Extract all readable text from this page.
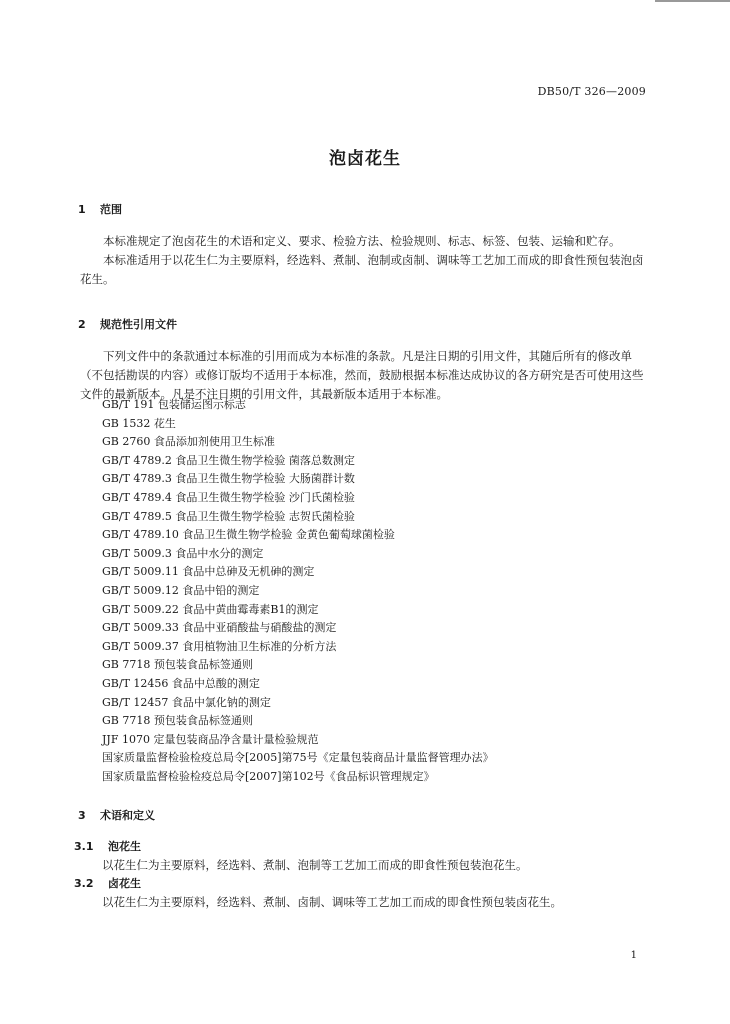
DB50/T 326—2009
泡卤花生
1 范围

本标准规定了泡卤花生的术语和定义、要求、检验方法、检验规则、标志、标签、包装、运输和贮存。

本标准适用于以花生仁为主要原料，经选料、煮制、泡制或卤制、调味等工艺加工而成的即食性预包装泡卤花生。

2 规范性引用文件

下列文件中的条款通过本标准的引用而成为本标准的条款。凡是注日期的引用文件，其随后所有的修改单（不包括勘误的内容）或修订版均不适用于本标准，然而，鼓励根据本标准达成协议的各方研究是否可使用这些文件的最新版本。凡是不注日期的引用文件，其最新版本适用于本标准。

GB/T 191 包装储运图示标志
GB 1532 花生
GB 2760 食品添加剂使用卫生标准
GB/T 4789.2 食品卫生微生物学检验 菌落总数测定
GB/T 4789.3 食品卫生微生物学检验 大肠菌群计数
GB/T 4789.4 食品卫生微生物学检验 沙门氏菌检验
GB/T 4789.5 食品卫生微生物学检验 志贺氏菌检验
GB/T 4789.10 食品卫生微生物学检验 金黄色葡萄球菌检验
GB/T 5009.3 食品中水分的测定
GB/T 5009.11 食品中总砷及无机砷的测定
GB/T 5009.12 食品中铅的测定
GB/T 5009.22 食品中黄曲霉毒素B1的测定
GB/T 5009.33 食品中亚硝酸盐与硝酸盐的测定
GB/T 5009.37 食用植物油卫生标准的分析方法
GB 7718 预包装食品标签通则
GB/T 12456 食品中总酸的测定
GB/T 12457 食品中氯化钠的测定
GB 7718 预包装食品标签通则
JJF 1070 定量包装商品净含量计量检验规范
国家质量监督检验检疫总局令[2005]第75号《定量包装商品计量监督管理办法》
国家质量监督检验检疫总局令[2007]第102号《食品标识管理规定》
3 术语和定义
3.1 泡花生
以花生仁为主要原料，经选料、煮制、泡制等工艺加工而成的即食性预包装泡花生。
3.2 卤花生
以花生仁为主要原料，经选料、煮制、卤制、调味等工艺加工而成的即食性预包装卤花生。
1
